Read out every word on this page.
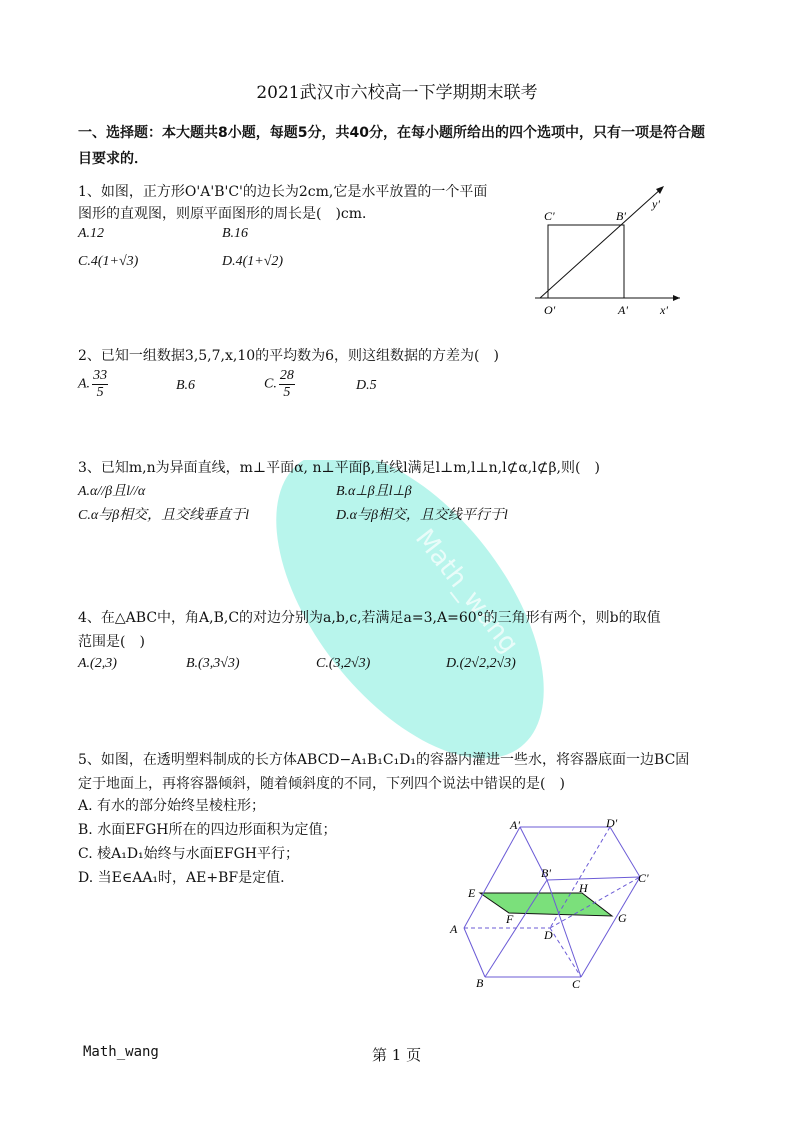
Math_wang
2021武汉市六校高一下学期期末联考
一、选择题：本大题共8小题，每题5分，共40分，在每小题所给出的四个选项中，只有一项是符合题目要求的．
1、如图，正方形O'A'B'C'的边长为2cm,它是水平放置的一个平面
图形的直观图，则原平面图形的周长是(　)cm．
A.12	B.16
C.4(1+√3)	D.4(1+√2)
C'	B'
O'	A'	x'
y'
2、已知一组数据3,5,7,x,10的平均数为6，则这组数据的方差为(　)
A. $\frac{33}{5}$	B.6	C. $\frac{28}{5}$	D.5
3、已知m,n为异面直线，m⊥平面α, n⊥平面β,直线l满足l⊥m,l⊥n,l⊄α,l⊄β,则(　)
A.α//β且l//α	B.α⊥β且l⊥β
C.α与β相交，且交线垂直于l	D.α与β相交，且交线平行于l
4、在△ABC中，角A,B,C的对边分别为a,b,c,若满足a=3,A=60°的三角形有两个，则b的取值
范围是(　)
A.(2,3)	B.(3,3√3)	C.(3,2√3)	D.(2√2,2√3)
5、如图，在透明塑料制成的长方体ABCD−A₁B₁C₁D₁的容器内灌进一些水，将容器底面一边BC固
定于地面上，再将容器倾斜，随着倾斜度的不同，下列四个说法中错误的是(　)
A. 有水的部分始终呈棱柱形；
B. 水面EFGH所在的四边形面积为定值；
C. 棱A₁D₁始终与水面EFGH平行；
D. 当E∈AA₁时，AE+BF是定值.
A'	D'
B'	C'
E	H
F	G
A	D
B	C
Math_wang	第 1 页
